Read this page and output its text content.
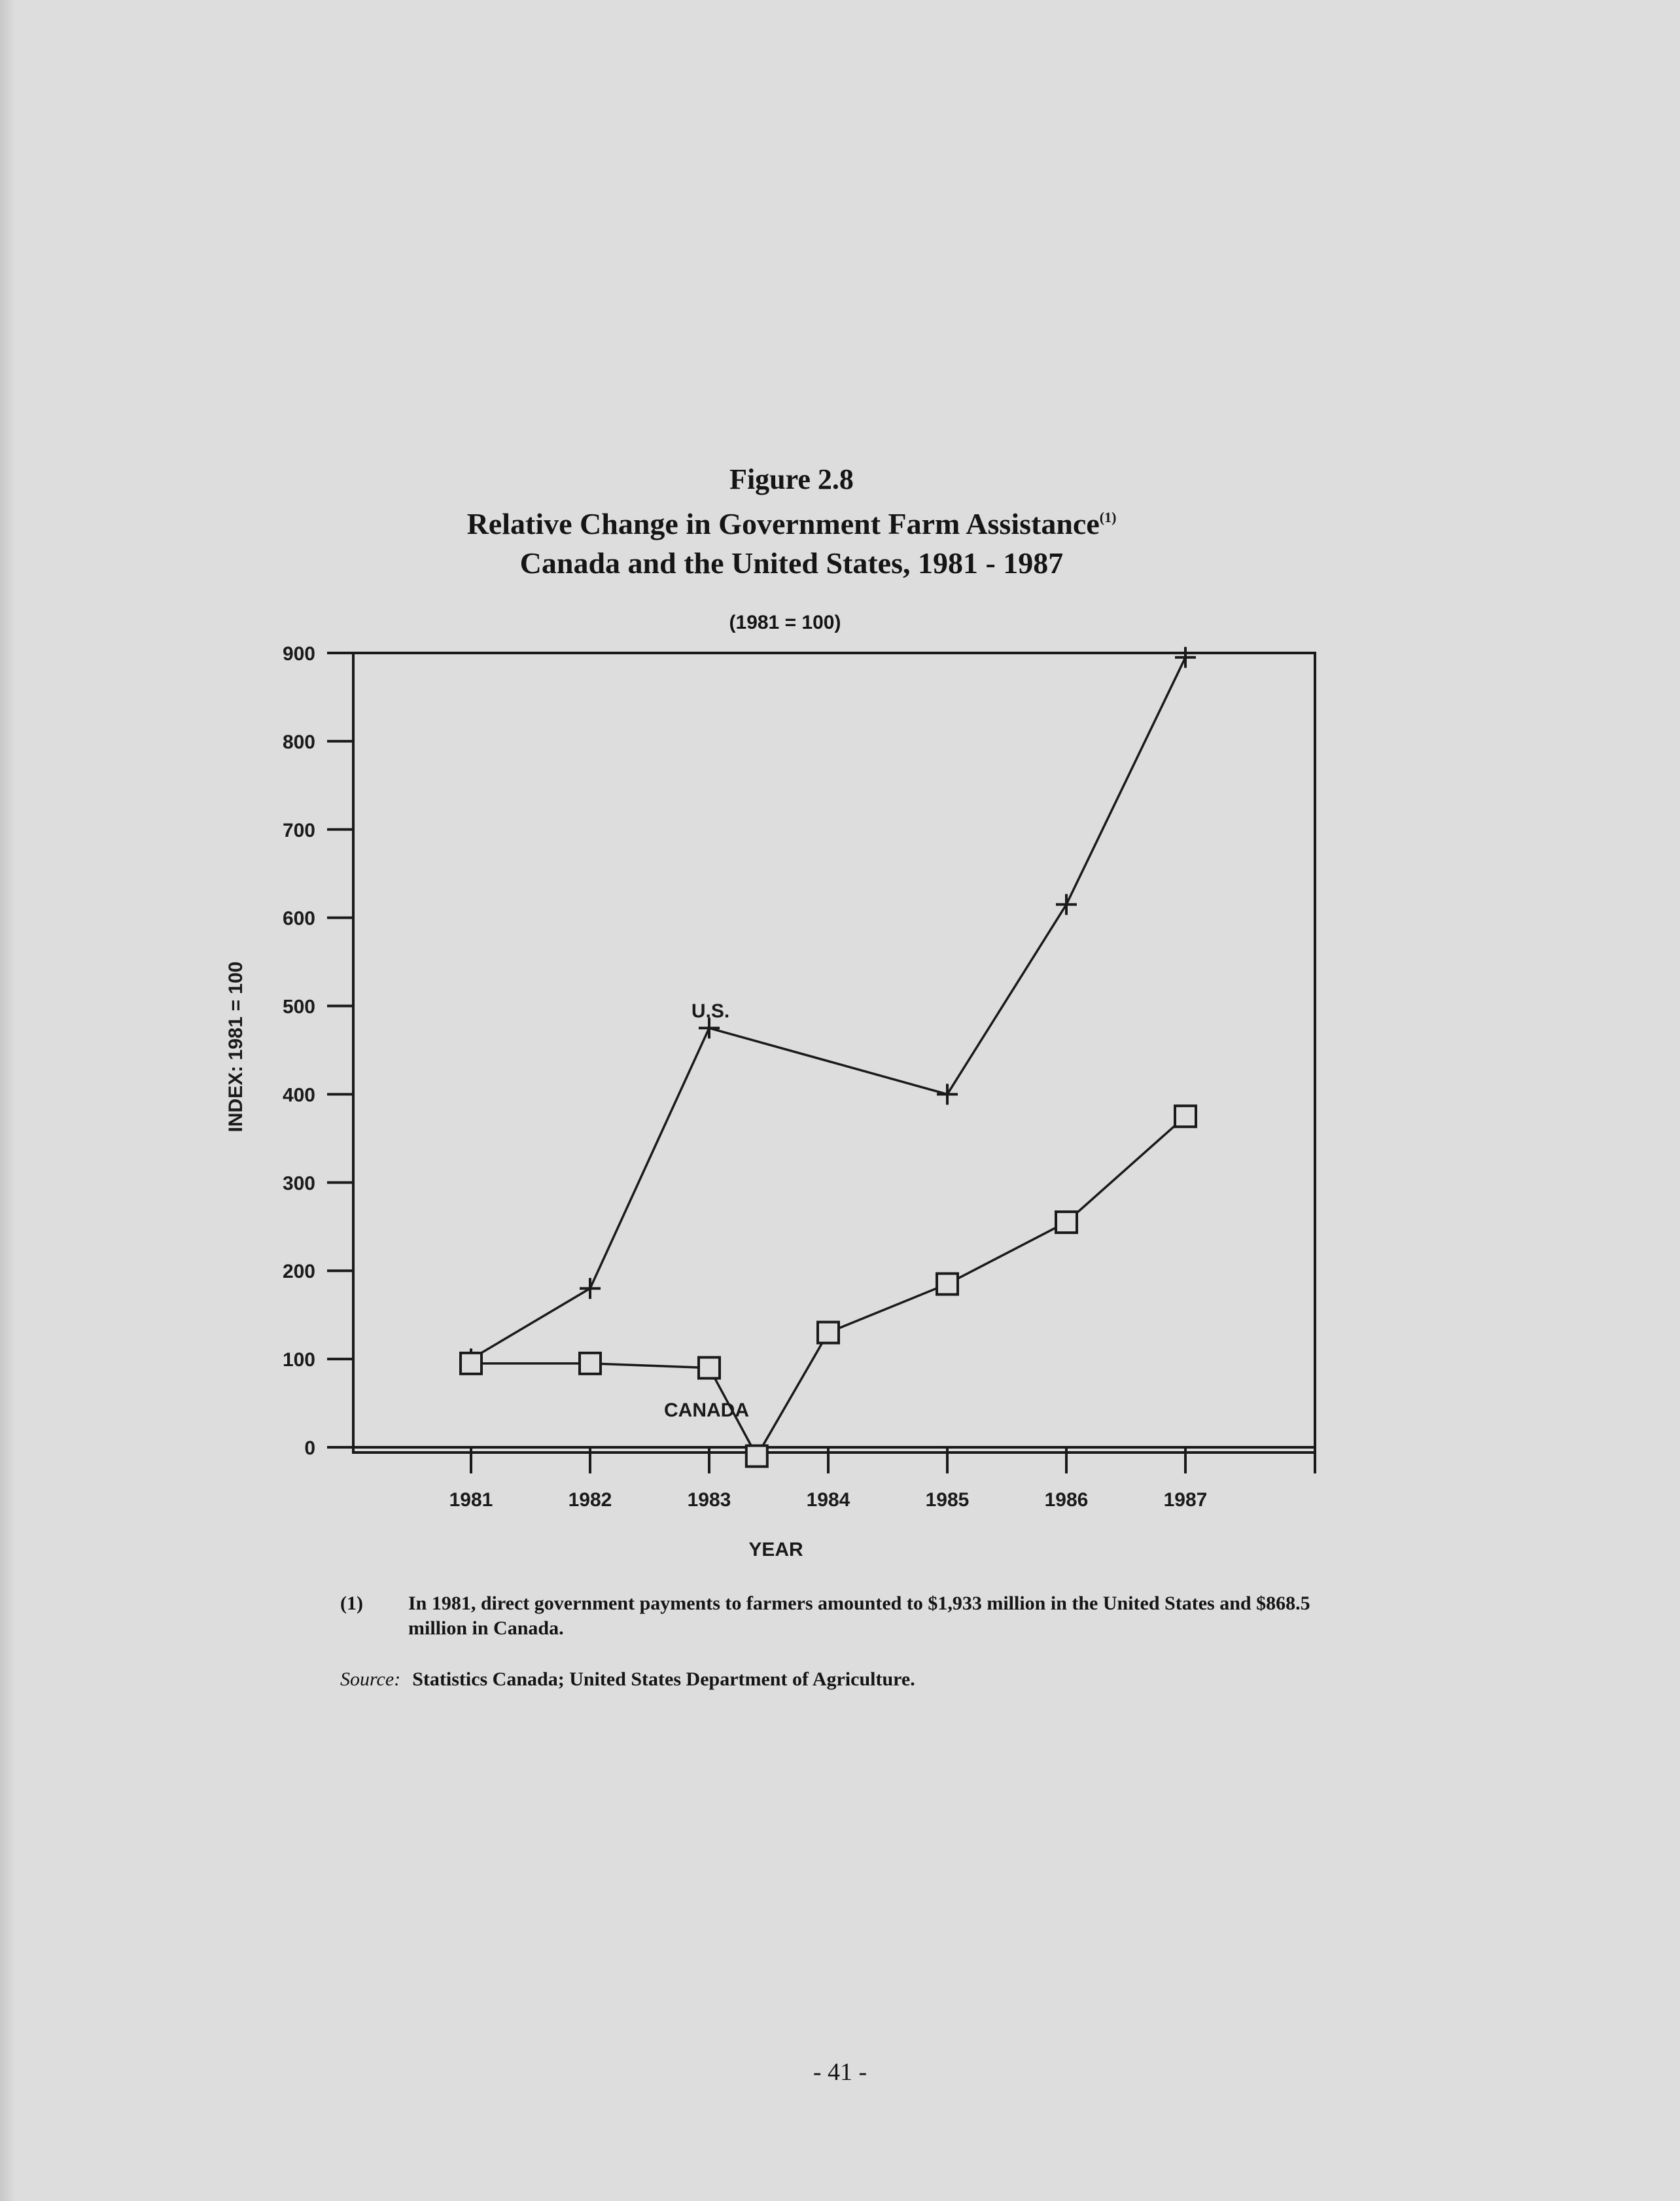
Figure 2.8
Relative Change in Government Farm Assistance$^{(1)}$
Canada and the United States, 1981 - 1987
(1981 = 100)
0
100
200
300
400
500
600
700
800
900
1981	1982	1983	1984	1985	1986	1987
INDEX: 1981 = 100
YEAR
U.S.
CANADA
(1) In 1981, direct government payments to farmers amounted to $1,933 million in the United States and $868.5 million in Canada.
Source: Statistics Canada; United States Department of Agriculture.
- 41 -
